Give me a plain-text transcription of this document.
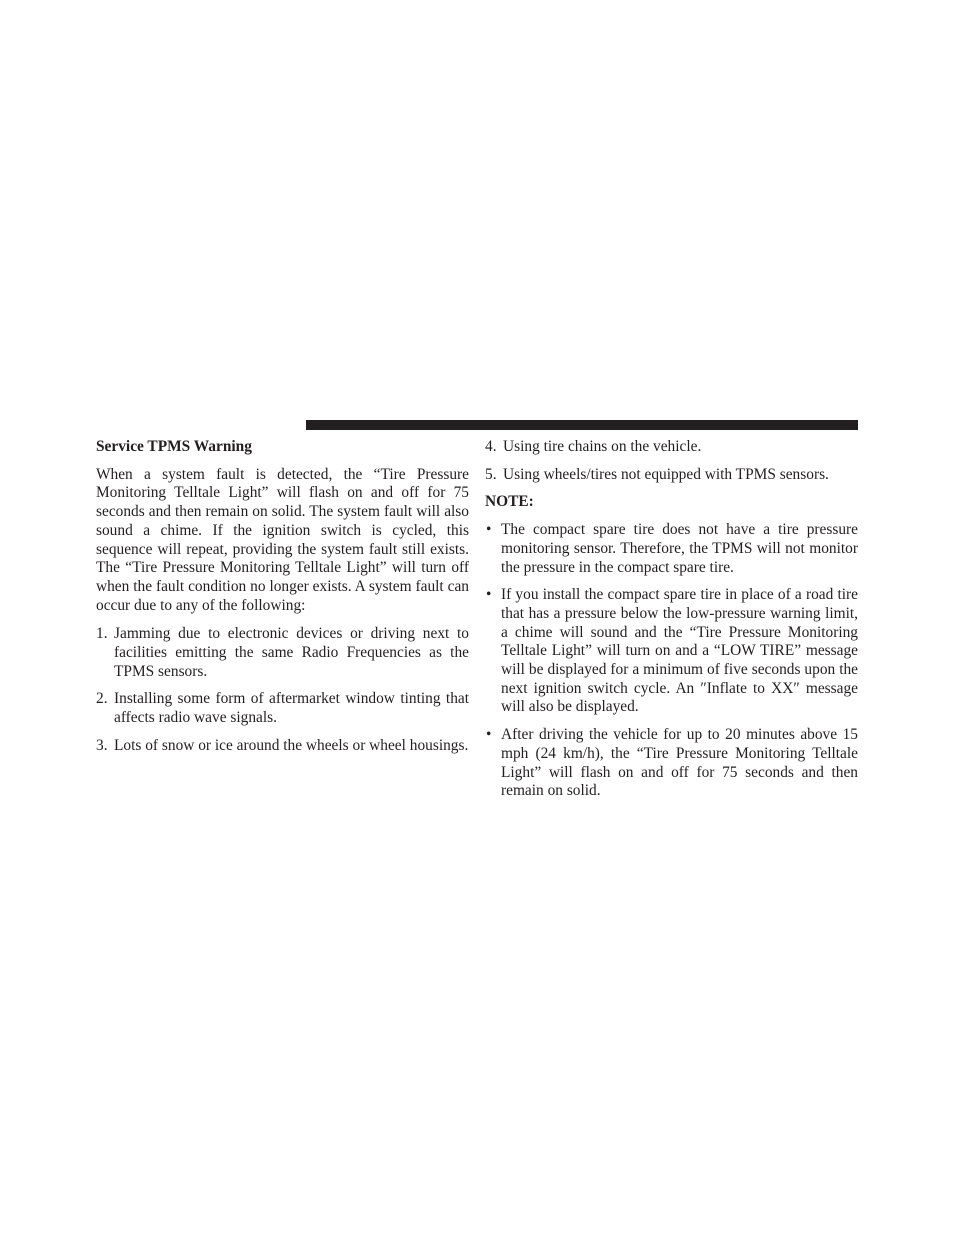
Service TPMS Warning

When a system fault is detected, the “Tire Pressure Monitoring Telltale Light” will flash on and off for 75 seconds and then remain on solid. The system fault will also sound a chime. If the ignition switch is cycled, this sequence will repeat, providing the system fault still exists. The “Tire Pressure Monitoring Telltale Light” will turn off when the fault condition no longer exists. A system fault can occur due to any of the following:

1. Jamming due to electronic devices or driving next to facilities emitting the same Radio Frequencies as the TPMS sensors.
2. Installing some form of aftermarket window tinting that affects radio wave signals.
3. Lots of snow or ice around the wheels or wheel housings.
4. Using tire chains on the vehicle.
5. Using wheels/tires not equipped with TPMS sensors.
NOTE:
• The compact spare tire does not have a tire pressure monitoring sensor. Therefore, the TPMS will not monitor the pressure in the compact spare tire.
• If you install the compact spare tire in place of a road tire that has a pressure below the low-pressure warning limit, a chime will sound and the “Tire Pressure Monitoring Telltale Light” will turn on and a “LOW TIRE” message will be displayed for a minimum of five seconds upon the next ignition switch cycle. An ″Inflate to XX″ message will also be displayed.
• After driving the vehicle for up to 20 minutes above 15 mph (24 km/h), the “Tire Pressure Monitoring Telltale Light” will flash on and off for 75 seconds and then remain on solid.
